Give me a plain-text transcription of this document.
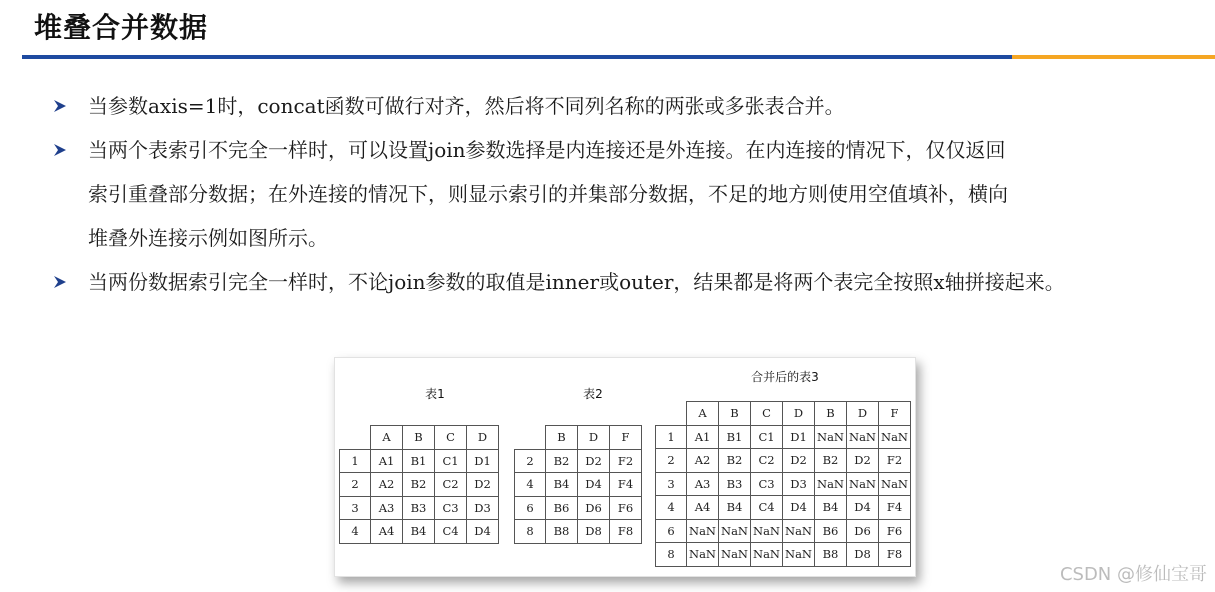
堆叠合并数据
当参数axis=1时，concat函数可做行对齐，然后将不同列名称的两张或多张表合并。
当两个表索引不完全一样时，可以设置join参数选择是内连接还是外连接。在内连接的情况下，仅仅返回
索引重叠部分数据；在外连接的情况下，则显示索引的并集部分数据，不足的地方则使用空值填补，横向
堆叠外连接示例如图所示。
当两份数据索引完全一样时，不论join参数的取值是inner或outer，结果都是将两个表完全按照x轴拼接起来。
表1	表2
合并后的表3
	A	B	C	D
1	A1	B1	C1	D1
2	A2	B2	C2	D2
3	A3	B3	C3	D3
4	A4	B4	C4	D4
	B	D	F
2	B2	D2	F2
4	B4	D4	F4
6	B6	D6	F6
8	B8	D8	F8
	A	B	C	D	B	D	F
1	A1	B1	C1	D1	NaN	NaN	NaN
2	A2	B2	C2	D2	B2	D2	F2
3	A3	B3	C3	D3	NaN	NaN	NaN
4	A4	B4	C4	D4	B4	D4	F4
6	NaN	NaN	NaN	NaN	B6	D6	F6
8	NaN	NaN	NaN	NaN	B8	D8	F8
CSDN @修仙宝哥
